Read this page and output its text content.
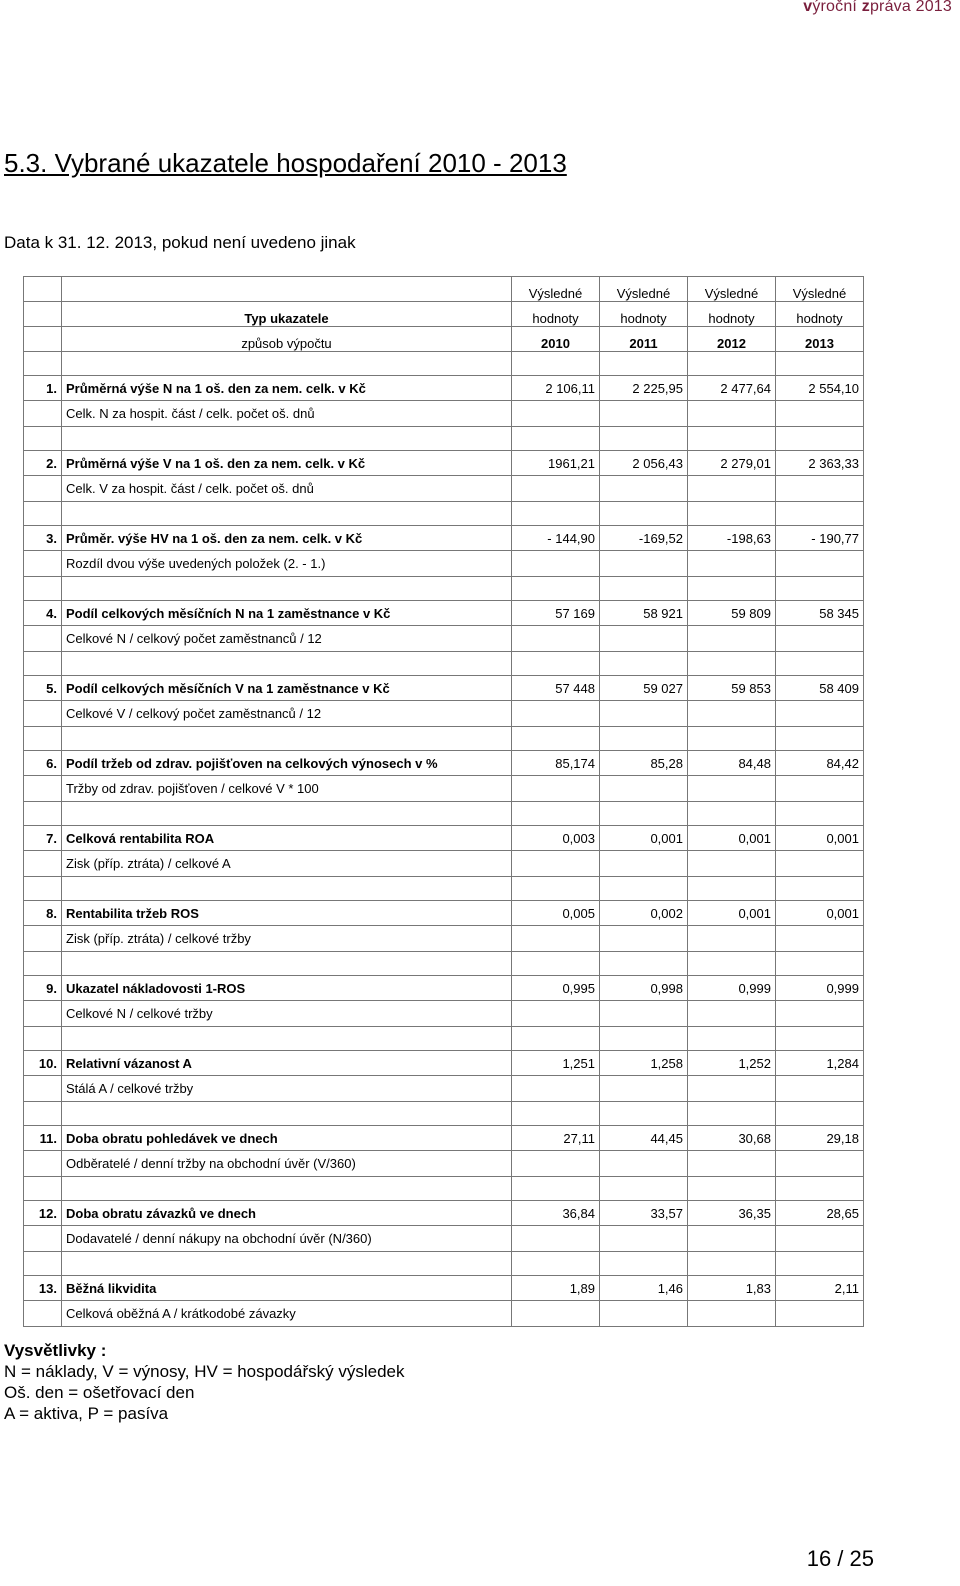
výroční zpráva 2013
5.3. Vybrané ukazatele hospodaření 2010 - 2013
Data k 31. 12. 2013, pokud není uvedeno jinak
		Výsledné	Výsledné	Výsledné	Výsledné
	Typ ukazatele	hodnoty	hodnoty	hodnoty	hodnoty
	způsob výpočtu	2010	2011	2012	2013

1.	Průměrná výše N na 1 oš. den za nem. celk. v Kč	2 106,11	2 225,95	2 477,64	2 554,10
	Celk. N za hospit. část / celk. počet oš. dnů				

2.	Průměrná výše V na 1 oš. den za nem. celk. v Kč	1961,21	2 056,43	2 279,01	2 363,33
	Celk. V za hospit. část / celk. počet oš. dnů				

3.	Průměr. výše HV na 1 oš. den za nem. celk. v Kč	- 144,90	-169,52	-198,63	- 190,77
	Rozdíl dvou výše uvedených položek (2. - 1.)				

4.	Podíl celkových měsíčních N na 1 zaměstnance v Kč	57 169	58 921	59 809	58 345
	Celkové N / celkový počet zaměstnanců / 12				

5.	Podíl celkových měsíčních V na 1 zaměstnance v Kč	57 448	59 027	59 853	58 409
	Celkové V / celkový počet zaměstnanců / 12				

6.	Podíl tržeb od zdrav. pojišťoven na celkových výnosech v %	85,174	85,28	84,48	84,42
	Tržby od zdrav. pojišťoven / celkové V * 100				

7.	Celková rentabilita ROA	0,003	0,001	0,001	0,001
	Zisk (příp. ztráta) / celkové A				

8.	Rentabilita tržeb ROS	0,005	0,002	0,001	0,001
	Zisk (příp. ztráta) / celkové tržby				

9.	Ukazatel nákladovosti 1-ROS	0,995	0,998	0,999	0,999
	Celkové N / celkové tržby				

10.	Relativní vázanost A	1,251	1,258	1,252	1,284
	Stálá A / celkové tržby				

11.	Doba obratu pohledávek ve dnech	27,11	44,45	30,68	29,18
	Odběratelé / denní tržby na obchodní úvěr (V/360)				

12.	Doba obratu závazků ve dnech	36,84	33,57	36,35	28,65
	Dodavatelé / denní nákupy na obchodní úvěr (N/360)				

13.	Běžná likvidita	1,89	1,46	1,83	2,11
	Celková oběžná A / krátkodobé závazky				
Vysvětlivky :
N = náklady, V = výnosy, HV = hospodářský výsledek
Oš. den = ošetřovací den
A = aktiva, P = pasíva
16 / 25
